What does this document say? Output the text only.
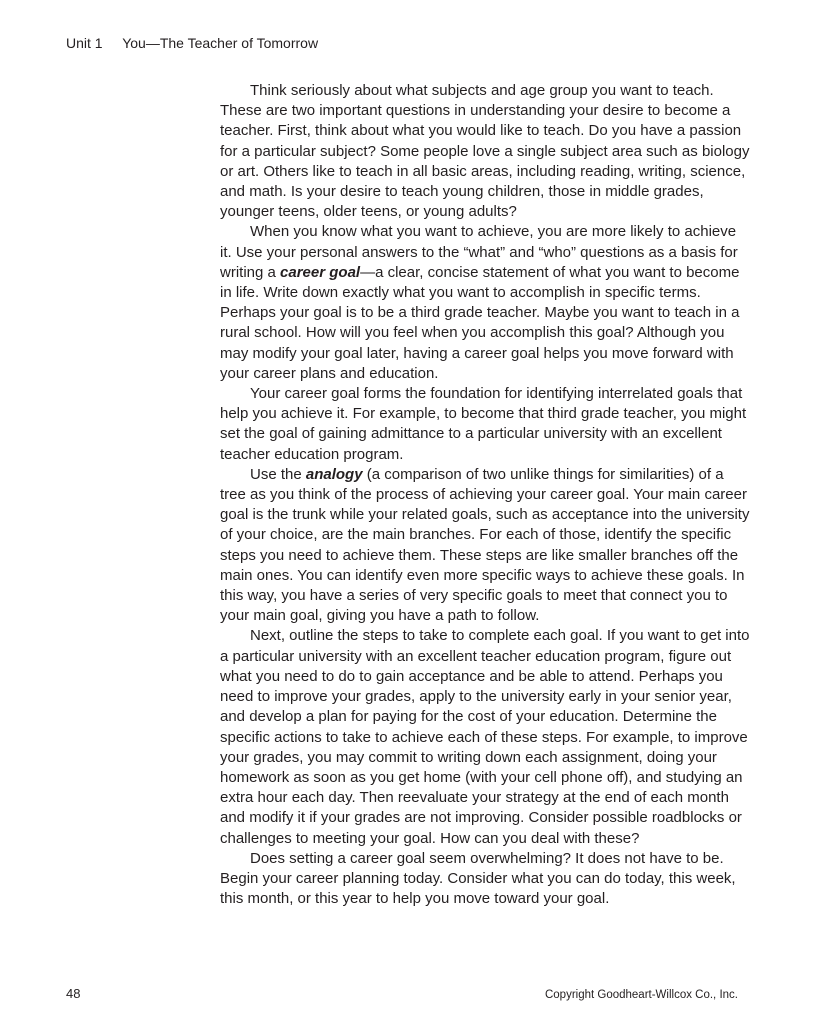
Unit 1 You—The Teacher of Tomorrow

Think seriously about what subjects and age group you want to teach. These are two important questions in understanding your desire to become a teacher. First, think about what you would like to teach. Do you have a passion for a particular subject? Some people love a single subject area such as biology or art. Others like to teach in all basic areas, including reading, writing, science, and math. Is your desire to teach young children, those in middle grades, younger teens, older teens, or young adults?

When you know what you want to achieve, you are more likely to achieve it. Use your personal answers to the “what” and “who” questions as a basis for writing a career goal—a clear, concise statement of what you want to become in life. Write down exactly what you want to accomplish in specific terms. Perhaps your goal is to be a third grade teacher. Maybe you want to teach in a rural school. How will you feel when you accomplish this goal? Although you may modify your goal later, having a career goal helps you move forward with your career plans and education.

Your career goal forms the foundation for identifying interrelated goals that help you achieve it. For example, to become that third grade teacher, you might set the goal of gaining admittance to a particular university with an excellent teacher education program.

Use the analogy (a comparison of two unlike things for similarities) of a tree as you think of the process of achieving your career goal. Your main career goal is the trunk while your related goals, such as acceptance into the university of your choice, are the main branches. For each of those, identify the specific steps you need to achieve them. These steps are like smaller branches off the main ones. You can identify even more specific ways to achieve these goals. In this way, you have a series of very specific goals to meet that connect you to your main goal, giving you have a path to follow.

Next, outline the steps to take to complete each goal. If you want to get into a particular university with an excellent teacher education program, figure out what you need to do to gain acceptance and be able to attend. Perhaps you need to improve your grades, apply to the university early in your senior year, and develop a plan for paying for the cost of your education. Determine the specific actions to take to achieve each of these steps. For example, to improve your grades, you may commit to writing down each assignment, doing your homework as soon as you get home (with your cell phone off), and studying an extra hour each day. Then reevaluate your strategy at the end of each month and modify it if your grades are not improving. Consider possible roadblocks or challenges to meeting your goal. How can you deal with these?

Does setting a career goal seem overwhelming? It does not have to be. Begin your career planning today. Consider what you can do today, this week, this month, or this year to help you move toward your goal.

48	Copyright Goodheart-Willcox Co., Inc.
